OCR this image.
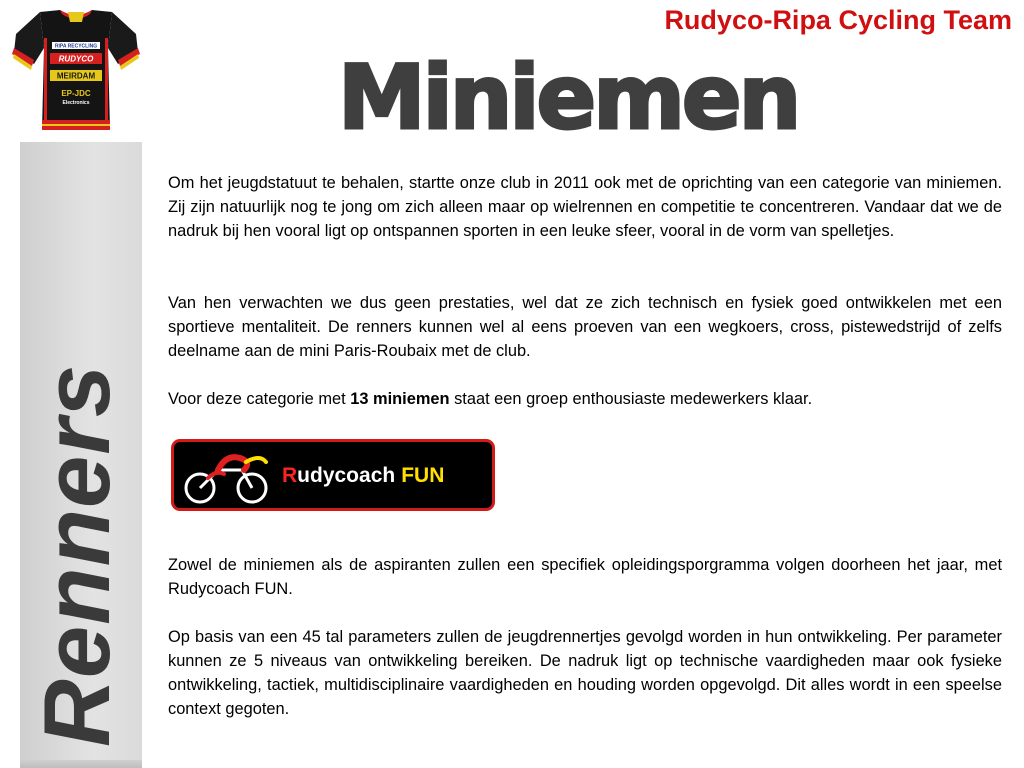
RIPA RECYCLING
RUDYCO
MEIRDAM
EP-JDC
Electronics
Renners
Rudyco-Ripa Cycling Team
Miniemen

Om het jeugdstatuut te behalen, startte onze club in 2011 ook met de oprichting van een categorie van miniemen. Zij zijn natuurlijk nog te jong om zich alleen maar op wielrennen en competitie te concentreren. Vandaar dat we de nadruk bij hen vooral ligt op ontspannen sporten in een leuke sfeer, vooral in de vorm van spelletjes.

Van hen verwachten we dus geen prestaties, wel dat ze zich technisch en fysiek goed ontwikkelen met een sportieve mentaliteit. De renners kunnen wel al eens proeven van een wegkoers, cross, pistewedstrijd of zelfs deelname aan de mini Paris-Roubaix met de club.

Voor deze categorie met 13 miniemen staat een groep enthousiaste medewerkers klaar.

Rudycoach FUN

Zowel de miniemen als de aspiranten zullen een specifiek opleidingsporgramma volgen doorheen het jaar, met Rudycoach FUN.

Op basis van een 45 tal parameters zullen de jeugdrennertjes gevolgd worden in hun ontwikkeling. Per parameter kunnen ze 5 niveaus van ontwikkeling bereiken. De nadruk ligt op technische vaardigheden maar ook fysieke ontwikkeling, tactiek, multidisciplinaire vaardigheden en houding worden opgevolgd. Dit alles wordt in een speelse context gegoten.
